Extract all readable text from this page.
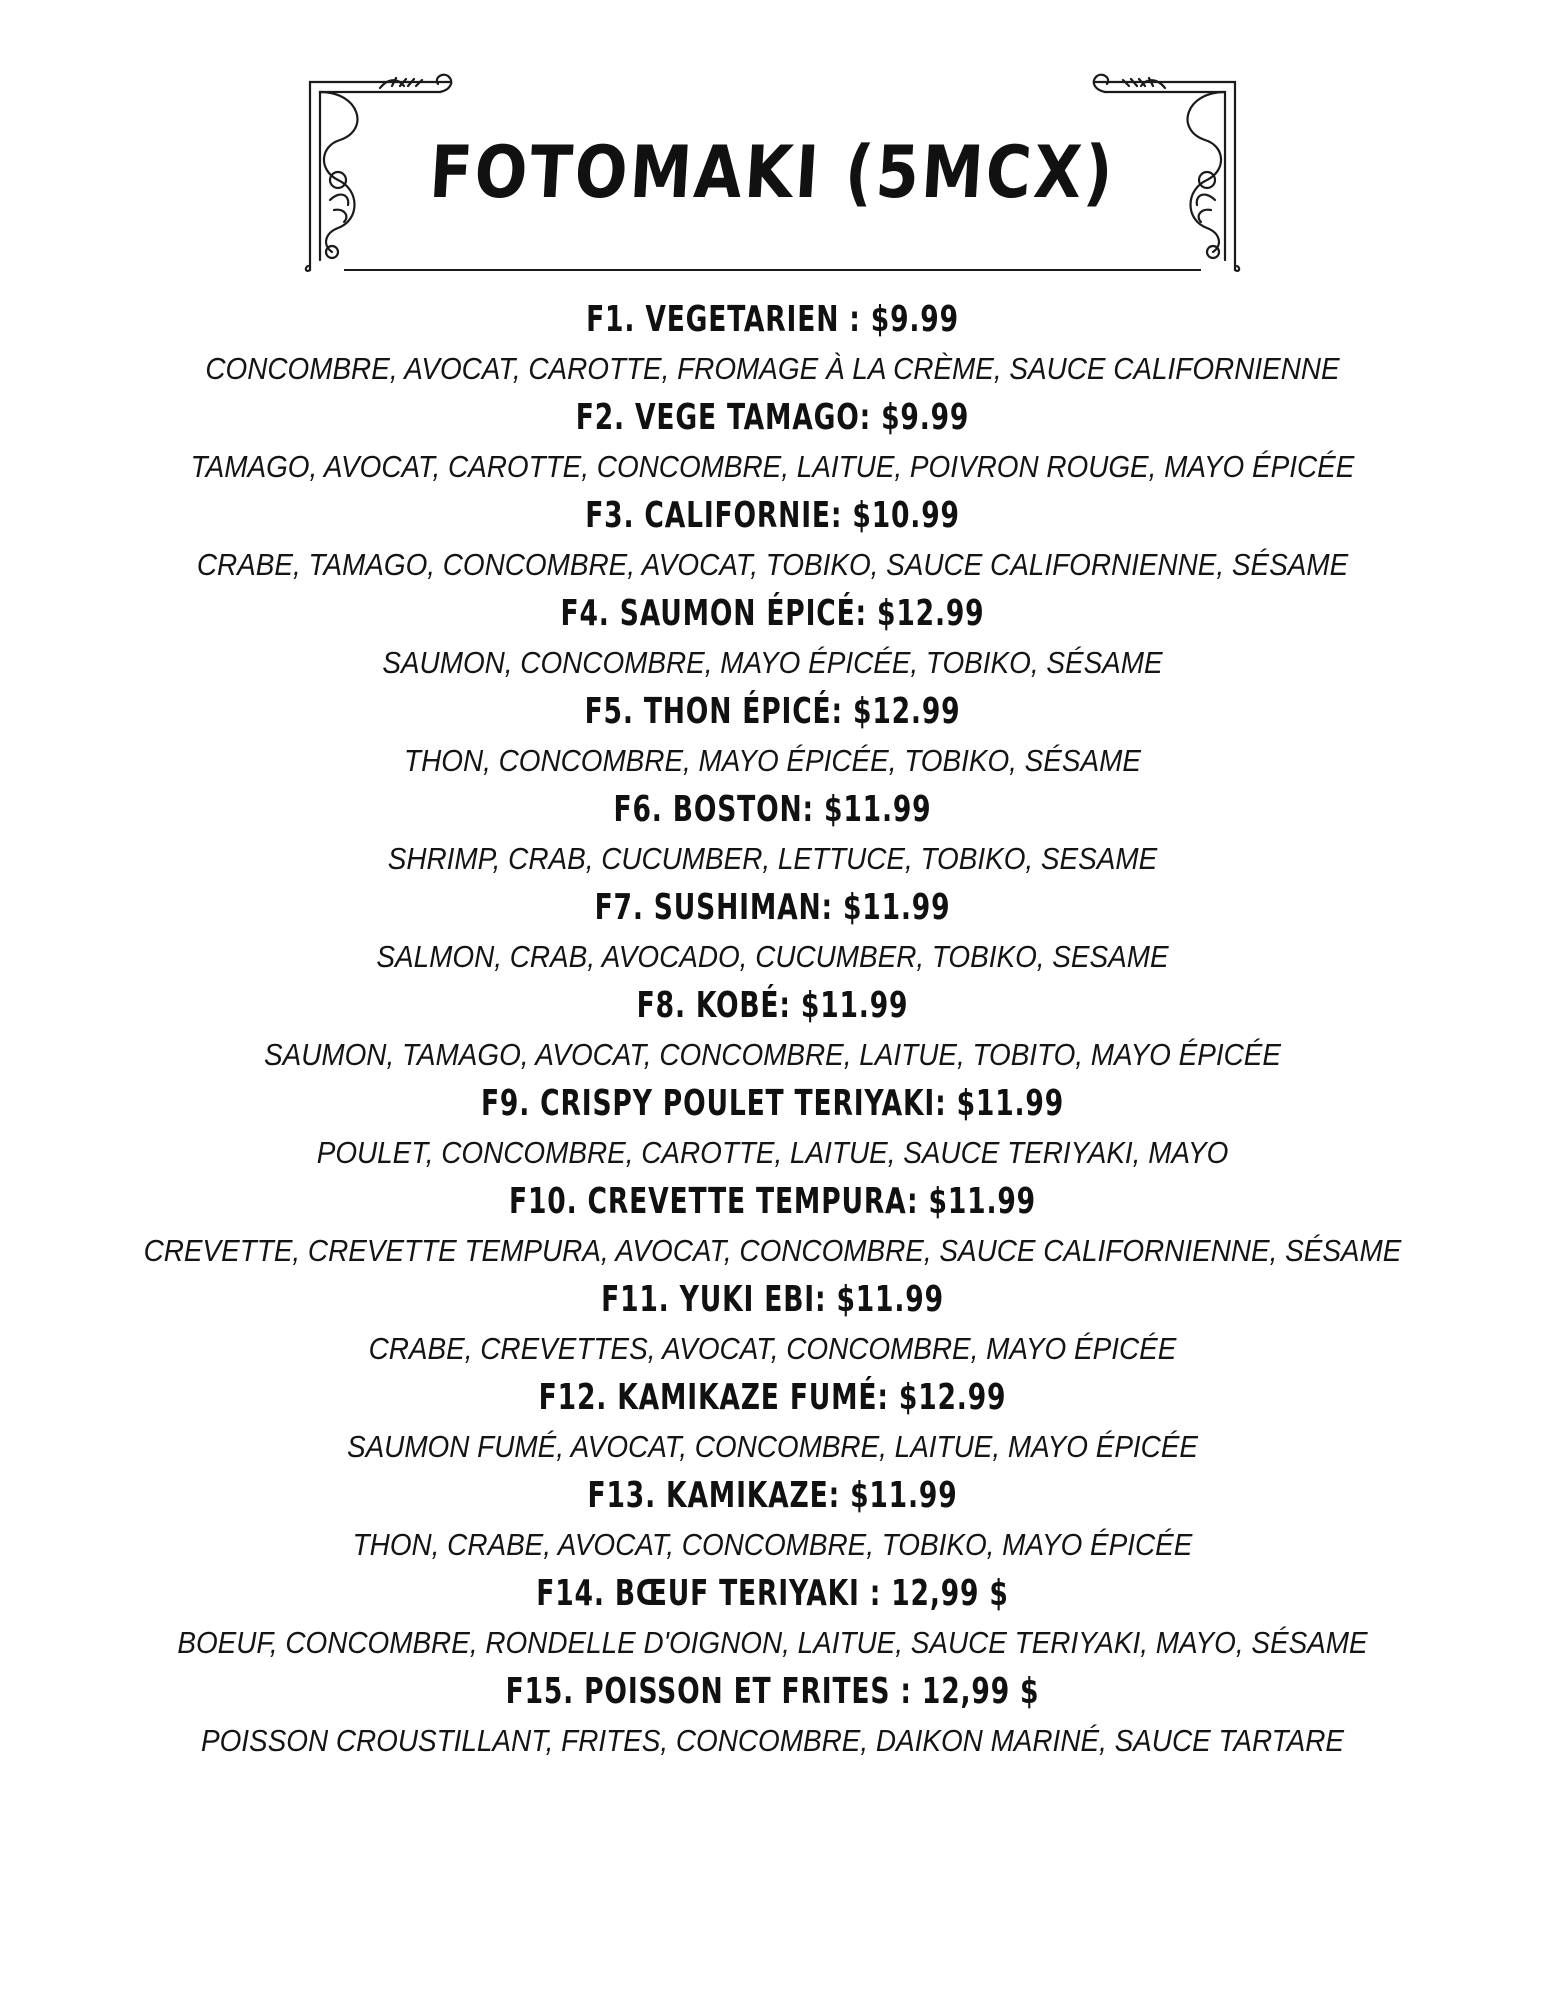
FOTOMAKI (5MCX)
F1. VEGETARIEN : $9.99
CONCOMBRE, AVOCAT, CAROTTE, FROMAGE À LA CRÈME, SAUCE CALIFORNIENNE
F2. VEGE TAMAGO: $9.99
TAMAGO, AVOCAT, CAROTTE, CONCOMBRE, LAITUE, POIVRON ROUGE, MAYO ÉPICÉE
F3. CALIFORNIE: $10.99
CRABE, TAMAGO, CONCOMBRE, AVOCAT, TOBIKO, SAUCE CALIFORNIENNE, SÉSAME
F4. SAUMON ÉPICÉ: $12.99
SAUMON, CONCOMBRE, MAYO ÉPICÉE, TOBIKO, SÉSAME
F5. THON ÉPICÉ: $12.99
THON, CONCOMBRE, MAYO ÉPICÉE, TOBIKO, SÉSAME
F6. BOSTON: $11.99
SHRIMP, CRAB, CUCUMBER, LETTUCE, TOBIKO, SESAME
F7. SUSHIMAN: $11.99
SALMON, CRAB, AVOCADO, CUCUMBER, TOBIKO, SESAME
F8. KOBÉ: $11.99
SAUMON, TAMAGO, AVOCAT, CONCOMBRE, LAITUE, TOBITO, MAYO ÉPICÉE
F9. CRISPY POULET TERIYAKI: $11.99
POULET, CONCOMBRE, CAROTTE, LAITUE, SAUCE TERIYAKI, MAYO
F10. CREVETTE TEMPURA: $11.99
CREVETTE, CREVETTE TEMPURA, AVOCAT, CONCOMBRE, SAUCE CALIFORNIENNE, SÉSAME
F11. YUKI EBI: $11.99
CRABE, CREVETTES, AVOCAT, CONCOMBRE, MAYO ÉPICÉE
F12. KAMIKAZE FUMÉ: $12.99
SAUMON FUMÉ, AVOCAT, CONCOMBRE, LAITUE, MAYO ÉPICÉE
F13. KAMIKAZE: $11.99
THON, CRABE, AVOCAT, CONCOMBRE, TOBIKO, MAYO ÉPICÉE
F14. BŒUF TERIYAKI : 12,99 $
BOEUF, CONCOMBRE, RONDELLE D'OIGNON, LAITUE, SAUCE TERIYAKI, MAYO, SÉSAME
F15. POISSON ET FRITES : 12,99 $
POISSON CROUSTILLANT, FRITES, CONCOMBRE, DAIKON MARINÉ, SAUCE TARTARE
